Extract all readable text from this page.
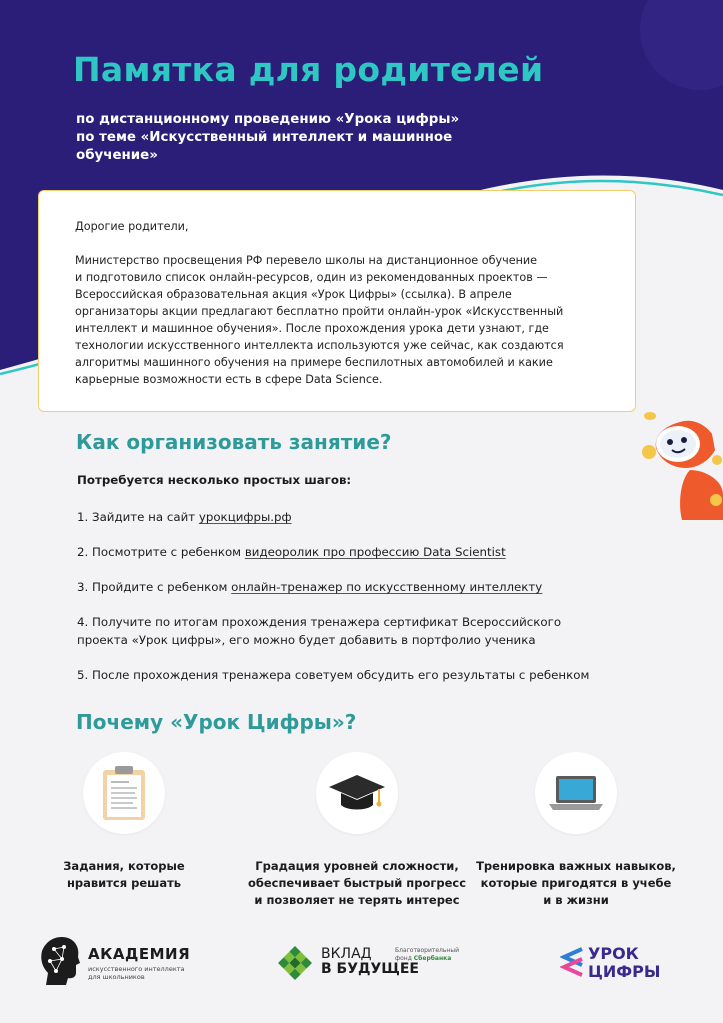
Памятка для родителей
по дистанционному проведению «Урока цифры»
по теме «Искусственный интеллект и машинное
обучение»
Дорогие родители,
Министерство просвещения РФ перевело школы на дистанционное обучение
и подготовило список онлайн-ресурсов, один из рекомендованных проектов —
Всероссийская образовательная акция «Урок Цифры» (ссылка). В апреле
организаторы акции предлагают бесплатно пройти онлайн-урок «Искусственный
интеллект и машинное обучения». После прохождения урока дети узнают, где
технологии искусственного интеллекта используются уже сейчас, как создаются
алгоритмы машинного обучения на примере беспилотных автомобилей и какие
карьерные возможности есть в сфере Data Science.
Как организовать занятие?
Потребуется несколько простых шагов:
1. Зайдите на сайт урокцифры.рф
2. Посмотрите с ребенком видеоролик про профессию Data Scientist
3. Пройдите с ребенком онлайн-тренажер по искусственному интеллекту
4. Получите по итогам прохождения тренажера сертификат Всероссийского
проекта «Урок цифры», его можно будет добавить в портфолио ученика
5. После прохождения тренажера советуем обсудить его результаты с ребенком
Почему «Урок Цифры»?
Задания, которые
нравится решать
Градация уровней сложности,
обеспечивает быстрый прогресс
и позволяет не терять интерес
Тренировка важных навыков,
которые пригодятся в учебе
и в жизни
АКАДЕМИЯ
искусственного интеллекта
для школьников
ВКЛАД
В БУДУЩЕЕ
Благотворительный
фонд Сбербанка	УРОК
ЦИФРЫ
